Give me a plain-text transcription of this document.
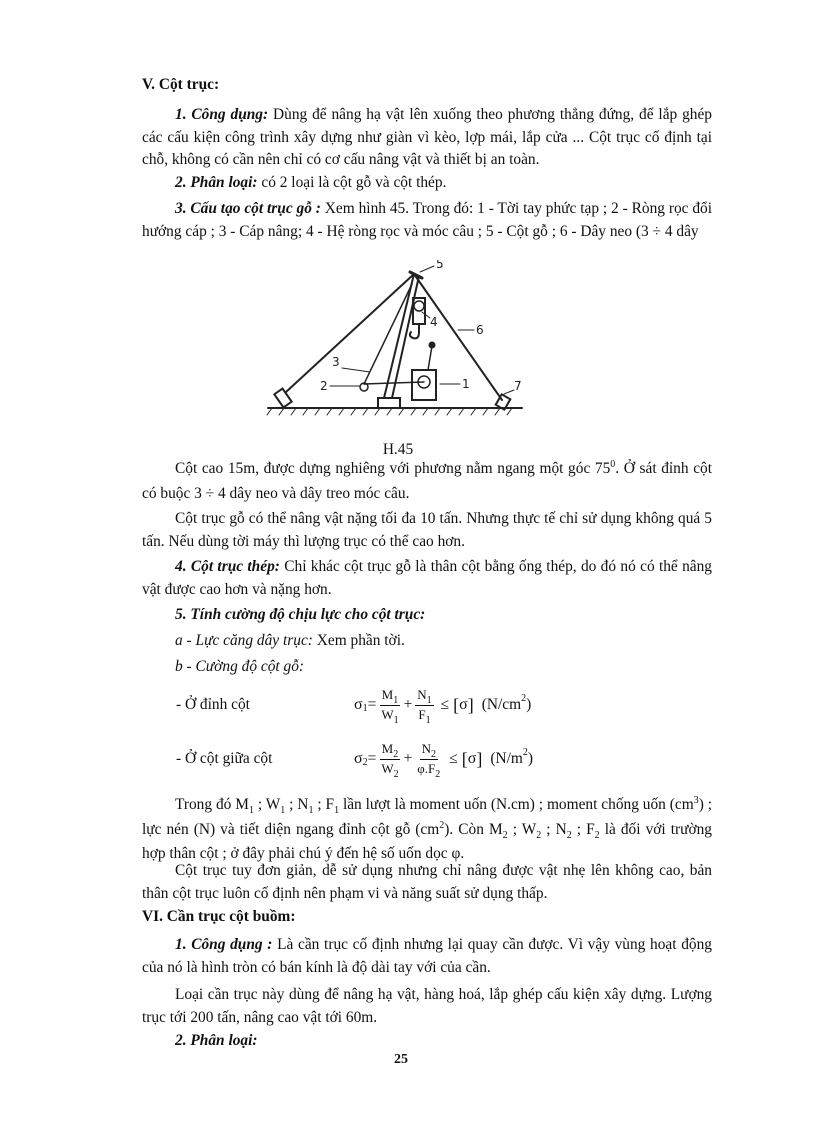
V. Cột trục:

1. Công dụng: Dùng để nâng hạ vật lên xuống theo phương thẳng đứng, để lắp ghép các cấu kiện công trình xây dựng như giàn vì kèo, lợp mái, lắp cửa ... Cột trục cố định tại chỗ, không có cần nên chỉ có cơ cấu nâng vật và thiết bị an toàn.

2. Phân loại: có 2 loại là cột gỗ và cột thép.

3. Cấu tạo cột trục gỗ : Xem hình 45. Trong đó: 1 - Tời tay phức tạp ; 2 - Ròng rọc đổi hướng cáp ; 3 - Cáp nâng; 4 - Hệ ròng rọc và móc câu ; 5 - Cột gỗ ; 6 - Dây neo (3 ÷ 4 dây

1
2
3
4
5
6
7

H.45

Cột cao 15m, được dựng nghiêng với phương nằm ngang một góc $75^0$. Ở sát đỉnh cột có buộc 3 ÷ 4 dây neo và dây treo móc câu.

Cột trục gỗ có thể nâng vật nặng tối đa 10 tấn. Nhưng thực tế chỉ sử dụng không quá 5 tấn. Nếu dùng tời máy thì lượng trục có thể cao hơn.

4. Cột trục thép: Chỉ khác cột trục gỗ là thân cột bằng ống thép, do đó nó có thể nâng vật được cao hơn và nặng hơn.

5. Tính cường độ chịu lực cho cột trục:

a - Lực căng dây trục: Xem phần tời.

b - Cường độ cột gỗ:

- Ở đỉnh cột	σ $1 = \frac{M_1}{W_1} + \frac{N_1}{F_1}$ ≤ [ σ ] (N/cm 2 )

- Ở cột giữa cột	σ $2 = \frac{M_2}{W_2} + \frac{N_2}{\varphi.F_2}$ ≤ [ σ ] (N/m 2 )

Trong đó $M_1$ ; $W_1$ ; $N_1$ ; $F_1$ lần lượt là moment uốn (N.cm) ; moment chống uốn $(cm^3)$ ; lực nén (N) và tiết diện ngang đỉnh cột gỗ $(cm^2)$. Còn $M_2$ ; $W_2$ ; $N_2$ ; $F_2$ là đối với trường hợp thân cột ; ở đây phải chú ý đến hệ số uốn dọc φ.

Cột trục tuy đơn giản, dễ sử dụng nhưng chỉ nâng được vật nhẹ lên không cao, bản thân cột trục luôn cố định nên phạm vi và năng suất sử dụng thấp.

VI. Cần trục cột buồm:

1. Công dụng : Là cần trục cố định nhưng lại quay cần được. Vì vậy vùng hoạt động của nó là hình tròn có bán kính là độ dài tay với của cần.

Loại cần trục này dùng để nâng hạ vật, hàng hoá, lắp ghép cấu kiện xây dựng. Lượng trục tới 200 tấn, nâng cao vật tới 60m.

2. Phân loại:

25
